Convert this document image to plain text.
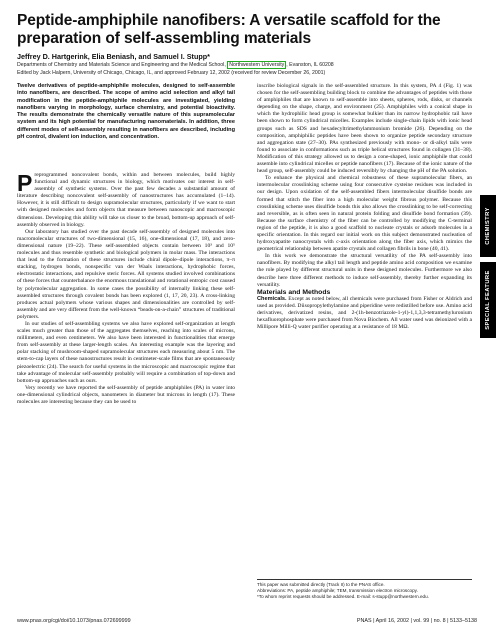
Peptide-amphiphile nanofibers: A versatile scaffold for the preparation of self-assembling materials
Jeffrey D. Hartgerink, Elia Beniash, and Samuel I. Stupp*
Departments of Chemistry and Materials Science and Engineering and the Medical School, Northwestern University , Evanston, IL 60208
Edited by Jack Halpern, University of Chicago, Chicago, IL, and approved February 12, 2002 (received for review December 26, 2001)
Twelve derivatives of peptide-amphiphile molecules, designed to self-assemble into nanofibers, are described. The scope of amino acid selection and alkyl tail modification in the peptide-amphiphile molecules are investigated, yielding nanofibers varying in morphology, surface chemistry, and potential bioactivity. The results demonstrate the chemically versatile nature of this supramolecular system and its high potential for manufacturing nanomaterials. In addition, three different modes of self-assembly resulting in nanofibers are described, including pH control, divalent ion induction, and concentration.

Preprogrammed noncovalent bonds, within and between molecules, build highly functional and dynamic structures in biology, which motivates our interest in self-assembly of synthetic systems. Over the past few decades a substantial amount of literature describing noncovalent self-assembly of nanostructures has accumulated (1–14). However, it is still difficult to design supramolecular structures, particularly if we want to start with designed molecules and form objects that measure between nanoscopic and macroscopic dimensions. Developing this ability will take us closer to the broad, bottom-up approach of self-assembly observed in biology.

Our laboratory has studied over the past decade self-assembly of designed molecules into macromolecular structures of two-dimensional (15, 16), one-dimensional (17, 18), and zero-dimensional nature (19–22). These self-assembled objects contain between 10³ and 10⁵ molecules and thus resemble synthetic and biological polymers in molar mass. The interactions that lead to the formation of these structures include chiral dipole–dipole interactions, π–π stacking, hydrogen bonds, nonspecific van der Waals interactions, hydrophobic forces, electrostatic interactions, and repulsive steric forces. All systems studied involved combinations of these forces that counterbalance the enormous translational and rotational entropic cost caused by polymolecular aggregation. In some cases the possibility of internally linking these self-assembled structures through covalent bonds has been explored (1, 17, 20, 23). A cross-linking produces actual polymers whose various shapes and dimensionalities are controlled by self-assembly and are very different from the well-known “beads-on-a-chain” structures of traditional polymers.

In our studies of self-assembling systems we also have explored self-organization at length scales much greater than those of the aggregates themselves, reaching into scales of microns, millimeters, and even centimeters. We also have been interested in functionalities that emerge from self-assembly at these larger-length scales. An interesting example was the layering and polar stacking of mushroom-shaped supramolecular structures each measuring about 5 nm. The stem-to-cap layers of these nanostructures result in centimeter-scale films that are spontaneously piezoelectric (24). The search for useful systems in the microscopic and macroscopic regime that take advantage of molecular self-assembly probably will require a combination of top-down and bottom-up approaches such as ours.

Very recently we have reported the self-assembly of peptide amphiphiles (PA) in water into one-dimensional cylindrical objects, nanometers in diameter but microns in length (17). These molecules are interesting because they can be used to

inscribe biological signals in the self-assembled structure. In this system, PA 4 (Fig. 1) was chosen for the self-assembling building block to combine the advantages of peptides with those of amphiphiles that are known to self-assemble into sheets, spheres, rods, disks, or channels depending on the shape, charge, and environment (25). Amphiphiles with a conical shape in which the hydrophilic head group is somewhat bulkier than its narrow hydrophobic tail have been shown to form cylindrical micelles. Examples include single-chain lipids with ionic head groups such as SDS and hexadecyltrimethylammonium bromide (26). Depending on the composition, amphiphilic peptides have been shown to organize peptide secondary structure and aggregation state (27–30). PAs synthesized previously with mono- or di-alkyl tails were found to associate in conformations such as triple helical structures found in collagen (31–38). Modification of this strategy allowed us to design a cone-shaped, ionic amphiphile that could assemble into cylindrical micelles or peptide nanofibers (17). Because of the ionic nature of the head group, self-assembly could be induced reversibly by changing the pH of the PA solution.

To enhance the physical and chemical robustness of these supramolecular fibers, an intermolecular crosslinking scheme using four consecutive cysteine residues was included in our design. Upon oxidation of the self-assembled fibers intermolecular disulfide bonds are formed that stitch the fiber into a high molecular weight fibrous polymer. Because this crosslinking scheme uses disulfide bonds this also allows the crosslinking to be self-correcting and reversible, as is often seen in natural protein folding and disulfide bond formation (39). Because the surface chemistry of the fiber can be controlled by modifying the C-terminal region of the peptide, it is also a good scaffold to nucleate crystals or adsorb molecules in a specific orientation. In this regard our initial work on this subject demonstrated nucleation of hydroxyapatite nanocrystals with c-axis orientation along the fiber axis, which mimics the geometrical relationship between apatite crystals and collagen fibrils in bone (40, 41).

In this work we demonstrate the structural versatility of the PA self-assembly into nanofibers. By modifying the alkyl tail length and peptide amino acid composition we examine the role played by different structural units in these designed molecules. Furthermore we also describe here three different methods to induce self-assembly, thereby further expanding its versatility.

Materials and Methods

Chemicals. Except as noted below, all chemicals were purchased from Fisher or Aldrich and used as provided. Diisopropylethylamine and piperidine were redistilled before use. Amino acid derivatives, derivatized resins, and 2-(1h-benzotriazole-1-yl)-1,1,3,3-tetramethyluronium hexafluorophosphate were purchased from Nova Biochem. All water used was deionized with a Millipore Milli-Q water purifier operating at a resistance of 18 MΩ.

This paper was submitted directly (Track II) to the PNAS office.
Abbreviations: PA, peptide amphiphile; TEM, transmission electron microscopy.
*To whom reprint requests should be addressed. E-mail: s-stupp@northwestern.edu.
www.pnas.org/cgi/doi/10.1073/pnas.072699999	PNAS | April 16, 2002 | vol. 99 | no. 8 | 5133–5138
CHEMISTRY
SPECIAL FEATURE
